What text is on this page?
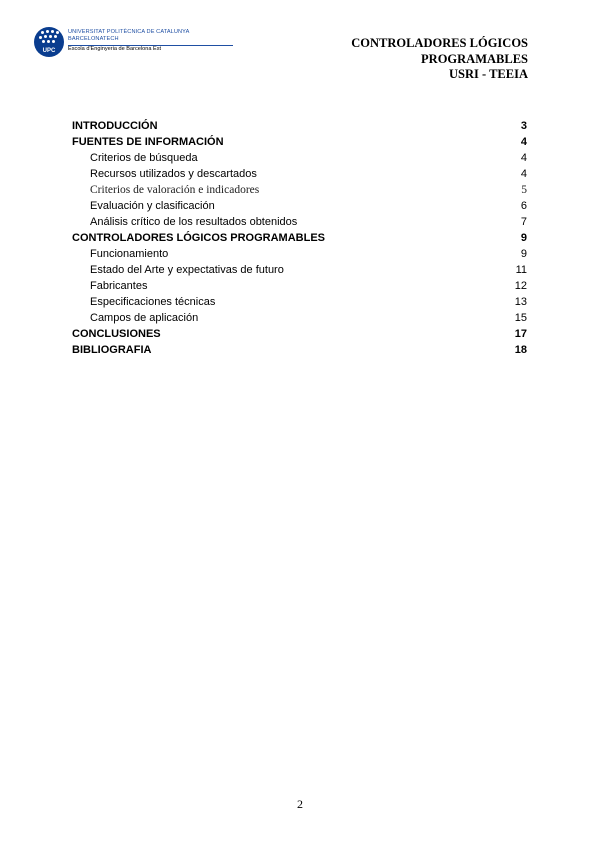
UPC
UNIVERSITAT POLITÈCNICA DE CATALUNYA
BARCELONATECH
Escola d'Enginyeria de Barcelona Est	CONTROLADORES LÓGICOS
PROGRAMABLES
USRI - TEEIA
INTRODUCCIÓN	3
FUENTES DE INFORMACIÓN	4
Criterios de búsqueda	4
Recursos utilizados y descartados	4
Criterios de valoración e indicadores	5
Evaluación y clasificación	6
Análisis crítico de los resultados obtenidos	7
CONTROLADORES LÓGICOS PROGRAMABLES	9
Funcionamiento	9
Estado del Arte y expectativas de futuro	11
Fabricantes	12
Especificaciones técnicas	13
Campos de aplicación	15
CONCLUSIONES	17
BIBLIOGRAFIA	18
2
